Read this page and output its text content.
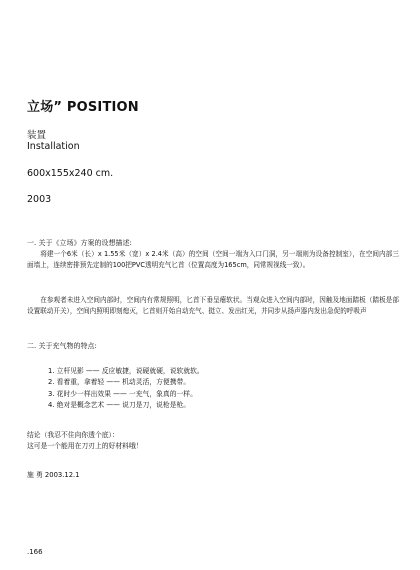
立场” POSITION
装置
Installation
600x155x240 cm.
2003
一. 关于《立场》方案的设想描述:
将建一个6米（长）x 1.55米（宽）x 2.4米（高）的空间（空间一端为入口门洞，另一端则为设备控制室），在空间内部三面墙上，连续密排预先定制的100把PVC透明充气匕首（位置高度为165cm，同常规视线一致）。
在参观者未进入空间内部时，空间内有常规照明，匕首下垂呈瘪软状。当观众进入空间内部时，因触及地面踏板（踏板是部设置联动开关），空间内照明即刻熄灭，匕首则开始自动充气、挺立、发出红光，并同步从扬声器内发出急促的呼吸声
二. 关于充气物的特点:
1. 立杆见影 —— 反应敏捷，说硬就硬，说软就软。
2. 看着重，拿着轻 —— 机动灵活，方便携带。
3. 花时少一样出效果 —— 一充气，象真的一样。
4. 绝对是概念艺术 —— 说刀是刀，说枪是枪。
结论（我忍不住向你透个底）：
这可是一个能用在刀刃上的好材料哦！
施 勇 2003.12.1
.166
